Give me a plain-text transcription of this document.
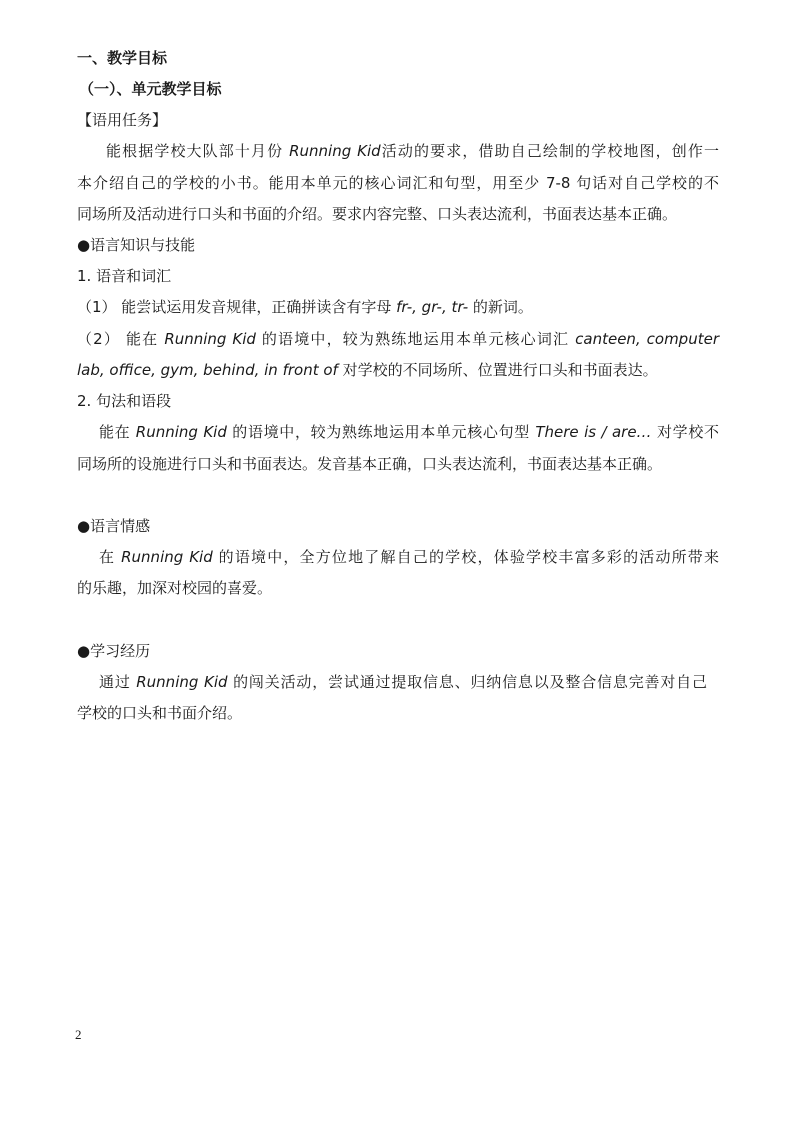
一、教学目标
（一）、单元教学目标
【语用任务】
能根据学校大队部十月份 Running Kid活动的要求，借助自己绘制的学校地图，创作一
本介绍自己的学校的小书。能用本单元的核心词汇和句型，用至少 7-8 句话对自己学校的不
同场所及活动进行口头和书面的介绍。要求内容完整、口头表达流利，书面表达基本正确。
●语言知识与技能
1. 语音和词汇
（1） 能尝试运用发音规律，正确拼读含有字母 fr-, gr-, tr- 的新词。
（2） 能在 Running Kid 的语境中，较为熟练地运用本单元核心词汇 canteen, computer
lab, office, gym, behind, in front of 对学校的不同场所、位置进行口头和书面表达。
2. 句法和语段
能在 Running Kid 的语境中，较为熟练地运用本单元核心句型 There is / are… 对学校不
同场所的设施进行口头和书面表达。发音基本正确，口头表达流利，书面表达基本正确。
●语言情感
在 Running Kid 的语境中，全方位地了解自己的学校，体验学校丰富多彩的活动所带来
的乐趣，加深对校园的喜爱。
●学习经历
通过 Running Kid 的闯关活动，尝试通过提取信息、归纳信息以及整合信息完善对自己
学校的口头和书面介绍。
2
